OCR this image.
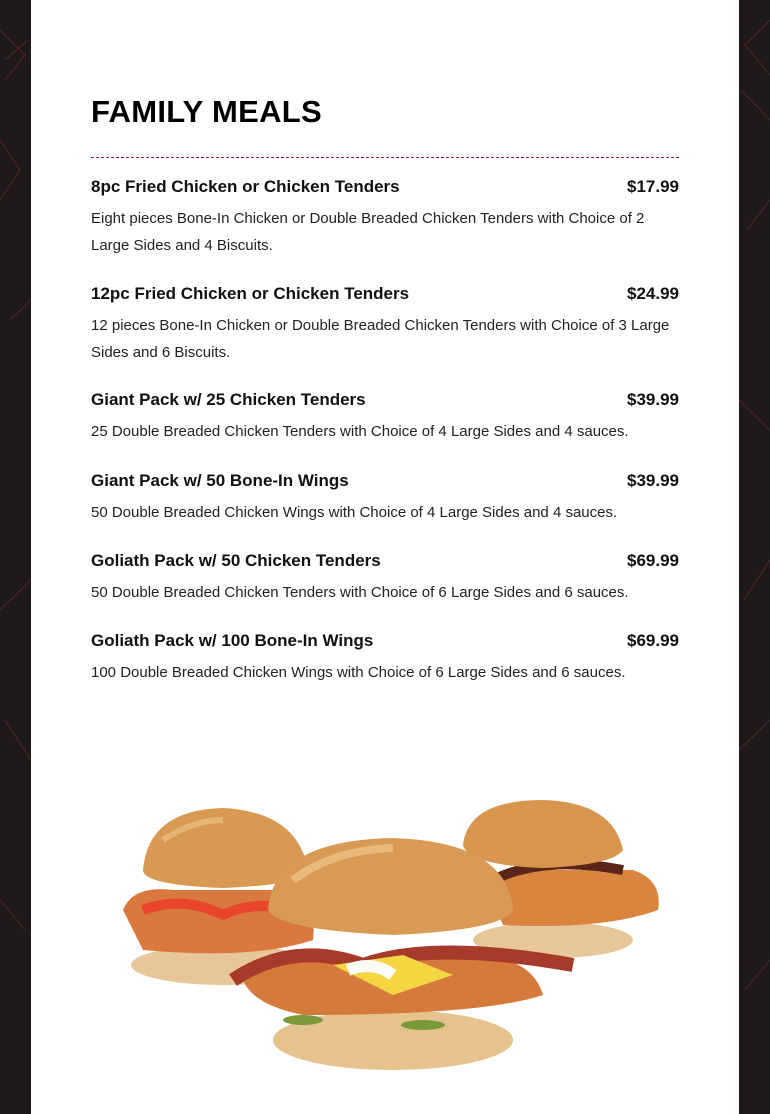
FAMILY MEALS
8pc Fried Chicken or Chicken Tenders	$17.99
Eight pieces Bone-In Chicken or Double Breaded Chicken Tenders with Choice of 2 Large Sides and 4 Biscuits.
12pc Fried Chicken or Chicken Tenders	$24.99
12 pieces Bone-In Chicken or Double Breaded Chicken Tenders with Choice of 3 Large Sides and 6 Biscuits.
Giant Pack w/ 25 Chicken Tenders	$39.99
25 Double Breaded Chicken Tenders with Choice of 4 Large Sides and 4 sauces.
Giant Pack w/ 50 Bone-In Wings	$39.99
50 Double Breaded Chicken Wings with Choice of 4 Large Sides and 4 sauces.
Goliath Pack w/ 50 Chicken Tenders	$69.99
50 Double Breaded Chicken Tenders with Choice of 6 Large Sides and 6 sauces.
Goliath Pack w/ 100 Bone-In Wings	$69.99
100 Double Breaded Chicken Wings with Choice of 6 Large Sides and 6 sauces.
